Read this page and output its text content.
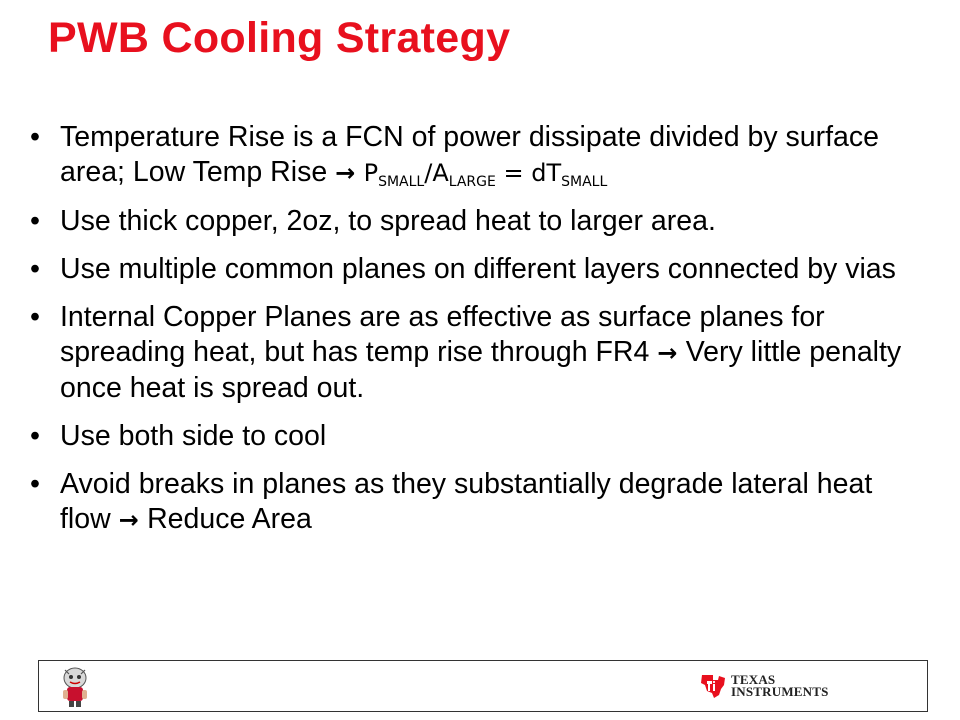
PWB Cooling Strategy
• Temperature Rise is a FCN of power dissipate divided by surface area; Low Temp Rise → $P_{SMALL}/A_{LARGE} = dT_{SMALL}$
• Use thick copper, 2oz, to spread heat to larger area.
• Use multiple common planes on different layers connected by vias
• Internal Copper Planes are as effective as surface planes for spreading heat, but has temp rise through FR4 → Very little penalty once heat is spread out.
• Use both side to cool
• Avoid breaks in planes as they substantially degrade lateral heat flow → Reduce Area
TEXAS
INSTRUMENTS
